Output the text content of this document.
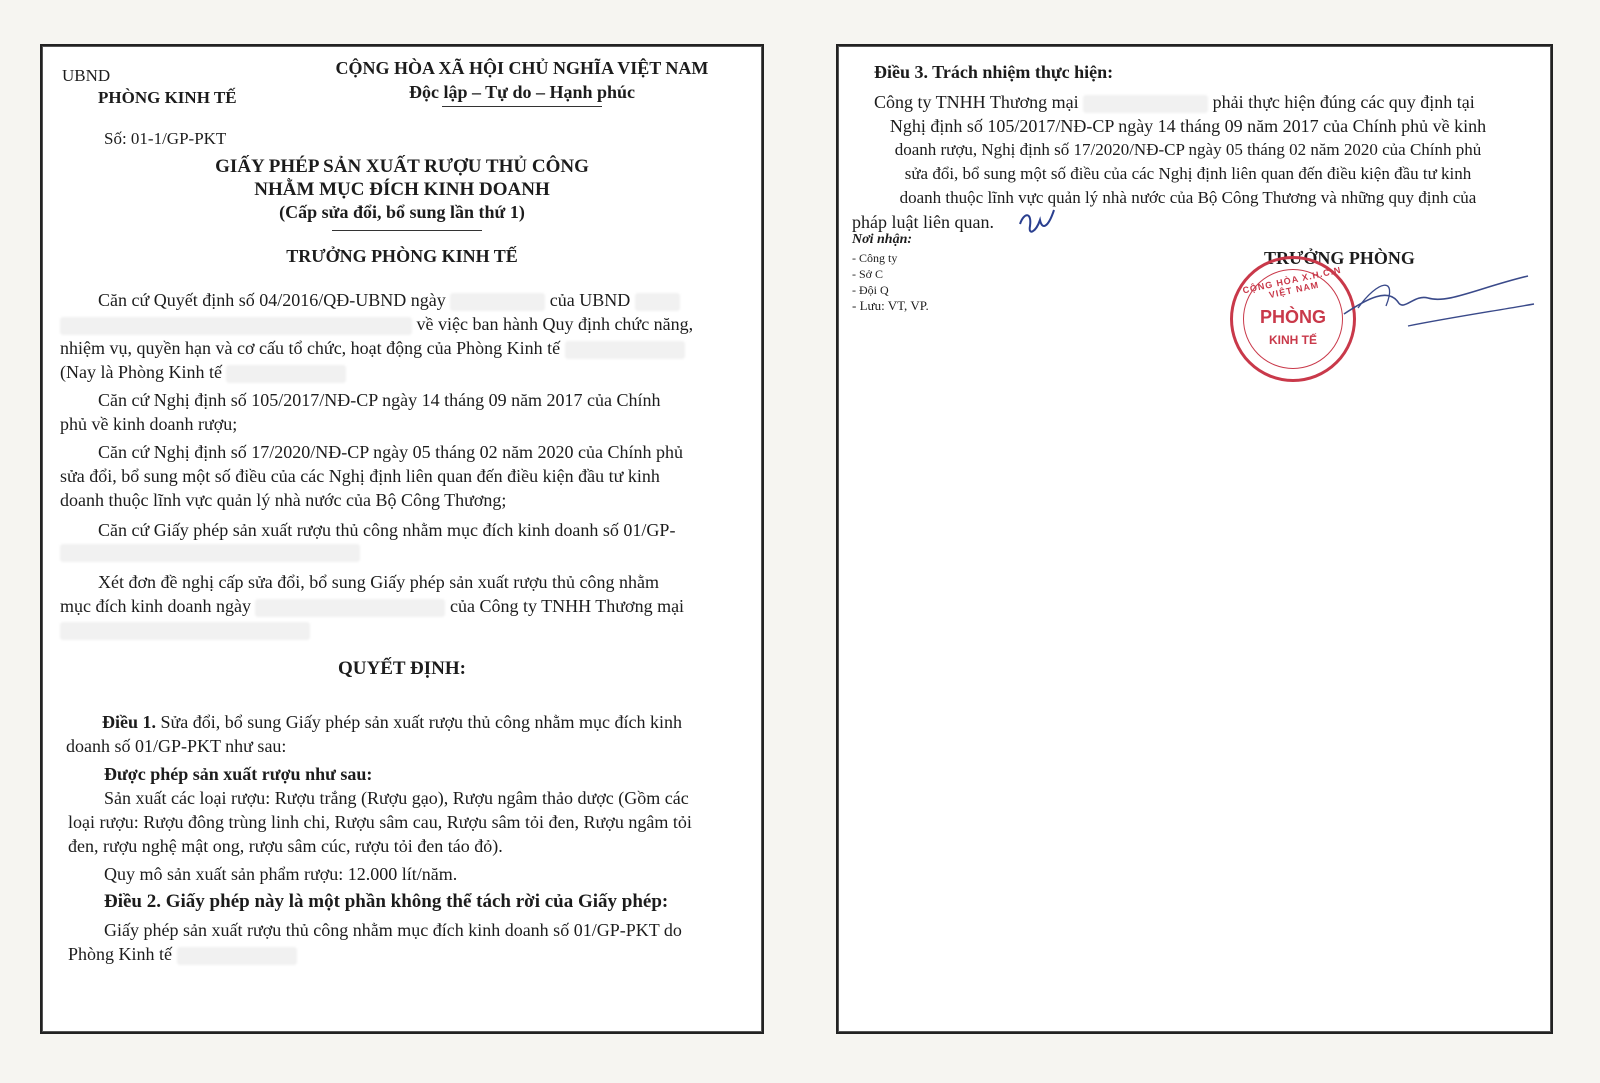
UBND
PHÒNG KINH TẾ
CỘNG HÒA XÃ HỘI CHỦ NGHĨA VIỆT NAM
Độc lập – Tự do – Hạnh phúc
Số: 01-1/GP-PKT
GIẤY PHÉP SẢN XUẤT RƯỢU THỦ CÔNG
NHẰM MỤC ĐÍCH KINH DOANH
(Cấp sửa đổi, bổ sung lần thứ 1)
TRƯỞNG PHÒNG KINH TẾ
Căn cứ Quyết định số 04/2016/QĐ-UBND ngày	của UBND
về việc ban hành Quy định chức năng,
nhiệm vụ, quyền hạn và cơ cấu tổ chức, hoạt động của Phòng Kinh tế
(Nay là Phòng Kinh tế
Căn cứ Nghị định số 105/2017/NĐ-CP ngày 14 tháng 09 năm 2017 của Chính
phủ về kinh doanh rượu;
Căn cứ Nghị định số 17/2020/NĐ-CP ngày 05 tháng 02 năm 2020 của Chính phủ
sửa đổi, bổ sung một số điều của các Nghị định liên quan đến điều kiện đầu tư kinh
doanh thuộc lĩnh vực quản lý nhà nước của Bộ Công Thương;
Căn cứ Giấy phép sản xuất rượu thủ công nhằm mục đích kinh doanh số 01/GP-
Xét đơn đề nghị cấp sửa đổi, bổ sung Giấy phép sản xuất rượu thủ công nhằm
mục đích kinh doanh ngày	của Công ty TNHH Thương mại
QUYẾT ĐỊNH:
Điều 1. Sửa đổi, bổ sung Giấy phép sản xuất rượu thủ công nhằm mục đích kinh
doanh số 01/GP-PKT như sau:
Được phép sản xuất rượu như sau:
Sản xuất các loại rượu: Rượu trắng (Rượu gạo), Rượu ngâm thảo dược (Gồm các
loại rượu: Rượu đông trùng linh chi, Rượu sâm cau, Rượu sâm tỏi đen, Rượu ngâm tỏi
đen, rượu nghệ mật ong, rượu sâm cúc, rượu tỏi đen táo đỏ).
Quy mô sản xuất sản phẩm rượu: 12.000 lít/năm.
Điều 2. Giấy phép này là một phần không thể tách rời của Giấy phép:
Giấy phép sản xuất rượu thủ công nhằm mục đích kinh doanh số 01/GP-PKT do
Phòng Kinh tế
Điều 3. Trách nhiệm thực hiện:
Công ty TNHH Thương mại	phải thực hiện đúng các quy định tại
Nghị định số 105/2017/NĐ-CP ngày 14 tháng 09 năm 2017 của Chính phủ về kinh
doanh rượu, Nghị định số 17/2020/NĐ-CP ngày 05 tháng 02 năm 2020 của Chính phủ
sửa đổi, bổ sung một số điều của các Nghị định liên quan đến điều kiện đầu tư kinh
doanh thuộc lĩnh vực quản lý nhà nước của Bộ Công Thương và những quy định của
pháp luật liên quan.
Nơi nhận:
- Công ty
- Sở C
- Đội Q
- Lưu: VT, VP.
TRƯỞNG PHÒNG
CỘNG HÒA X.H.C.N VIỆT NAM
PHÒNG
KINH TẾ
